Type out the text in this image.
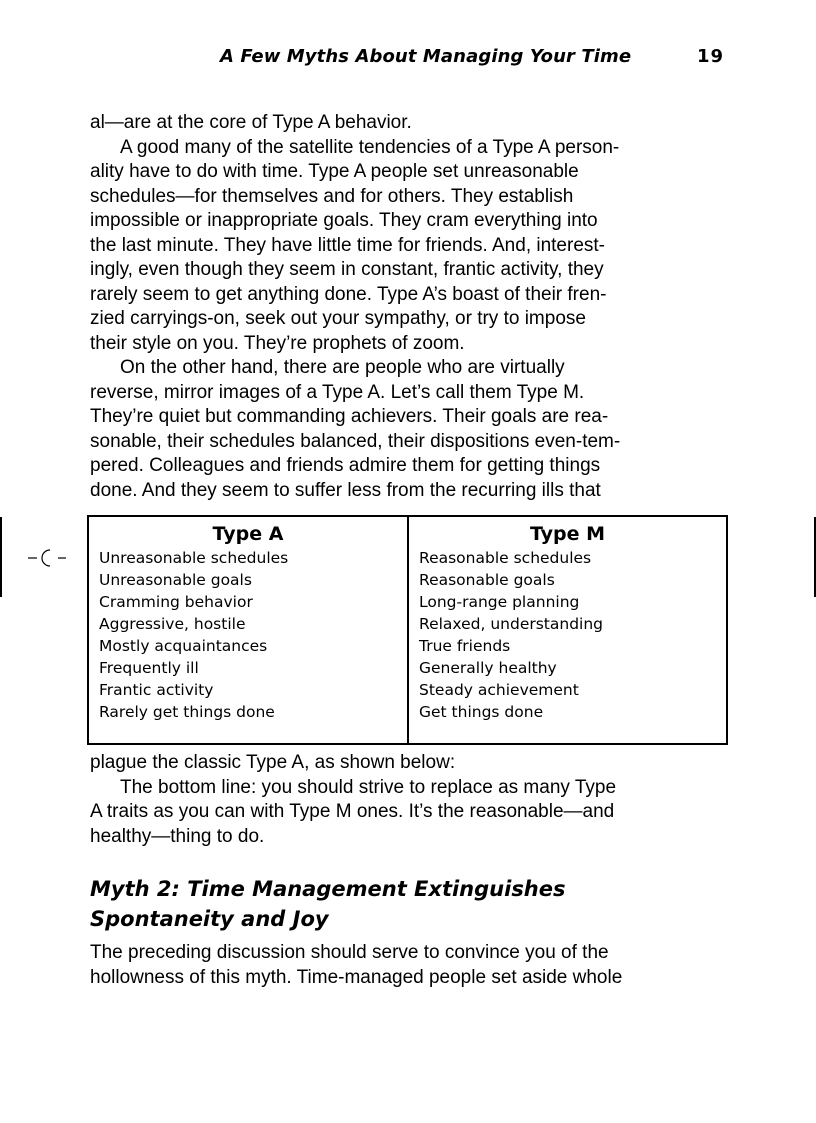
A Few Myths About Managing Your Time	19

al—are at the core of Type A behavior.

A good many of the satellite tendencies of a Type A person-

ality have to do with time. Type A people set unreasonable

schedules—for themselves and for others. They establish

impossible or inappropriate goals. They cram everything into

the last minute. They have little time for friends. And, interest-

ingly, even though they seem in constant, frantic activity, they

rarely seem to get anything done. Type A’s boast of their fren-

zied carryings-on, seek out your sympathy, or try to impose

their style on you. They’re prophets of zoom.

On the other hand, there are people who are virtually

reverse, mirror images of a Type A. Let’s call them Type M.

They’re quiet but commanding achievers. Their goals are rea-

sonable, their schedules balanced, their dispositions even-tem-

pered. Colleagues and friends admire them for getting things

done. And they seem to suffer less from the recurring ills that

Type A
Unreasonable schedules
Unreasonable goals
Cramming behavior
Aggressive, hostile
Mostly acquaintances
Frequently ill
Frantic activity
Rarely get things done
Type M
Reasonable schedules
Reasonable goals
Long-range planning
Relaxed, understanding
True friends
Generally healthy
Steady achievement
Get things done

plague the classic Type A, as shown below:

The bottom line: you should strive to replace as many Type

A traits as you can with Type M ones. It’s the reasonable—and

healthy—thing to do.

Myth 2: Time Management Extinguishes
Spontaneity and Joy

The preceding discussion should serve to convince you of the

hollowness of this myth. Time-managed people set aside whole
